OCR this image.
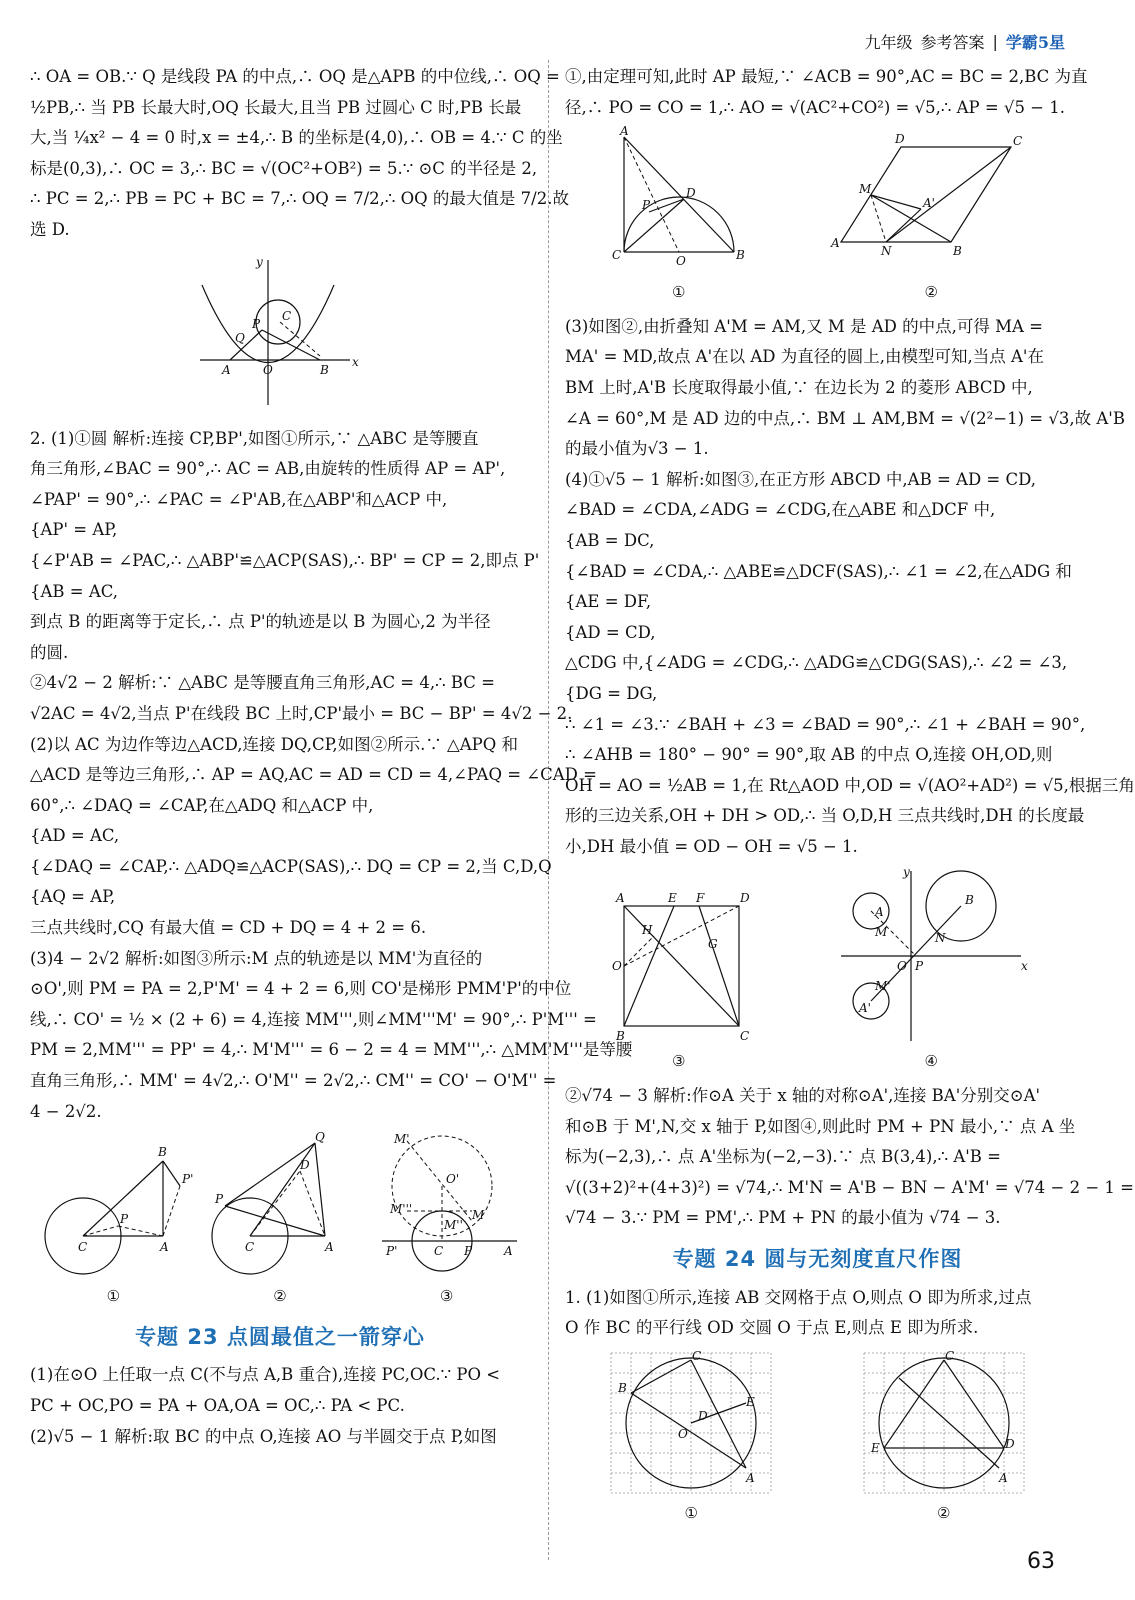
九年级 参考答案 | 学霸5星

∴ OA = OB.∵ Q 是线段 PA 的中点,∴ OQ 是△APB 的中位线,∴ OQ =

½PB,∴ 当 PB 长最大时,OQ 长最大,且当 PB 过圆心 C 时,PB 长最

大,当 ¼x² − 4 = 0 时,x = ±4,∴ B 的坐标是(4,0),∴ OB = 4.∵ C 的坐

标是(0,3),∴ OC = 3,∴ BC = √(OC²+OB²) = 5.∵ ⊙C 的半径是 2,

∴ PC = 2,∴ PB = PC + BC = 7,∴ OQ = 7/2,∴ OQ 的最大值是 7/2.故

选 D.

x
y
A	O	B
C
P
Q

2. (1)①圆 解析:连接 CP,BP',如图①所示,∵ △ABC 是等腰直

角三角形,∠BAC = 90°,∴ AC = AB,由旋转的性质得 AP = AP',

∠PAP' = 90°,∴ ∠PAC = ∠P'AB,在△ABP'和△ACP 中,

{AP' = AP,

{∠P'AB = ∠PAC,∴ △ABP'≌△ACP(SAS),∴ BP' = CP = 2,即点 P'

{AB = AC,

到点 B 的距离等于定长,∴ 点 P'的轨迹是以 B 为圆心,2 为半径

的圆.

②4√2 − 2 解析:∵ △ABC 是等腰直角三角形,AC = 4,∴ BC =

√2AC = 4√2,当点 P'在线段 BC 上时,CP'最小 = BC − BP' = 4√2 − 2.

(2)以 AC 为边作等边△ACD,连接 DQ,CP,如图②所示.∵ △APQ 和

△ACD 是等边三角形,∴ AP = AQ,AC = AD = CD = 4,∠PAQ = ∠CAD =

60°,∴ ∠DAQ = ∠CAP,在△ADQ 和△ACP 中,

{AD = AC,

{∠DAQ = ∠CAP,∴ △ADQ≌△ACP(SAS),∴ DQ = CP = 2,当 C,D,Q

{AQ = AP,

三点共线时,CQ 有最大值 = CD + DQ = 4 + 2 = 6.

(3)4 − 2√2 解析:如图③所示:M 点的轨迹是以 MM'为直径的

⊙O',则 PM = PA = 2,P'M' = 4 + 2 = 6,则 CO'是梯形 PMM'P'的中位

线,∴ CO' = ½ × (2 + 6) = 4,连接 MM''',则∠MM'''M' = 90°,∴ P'M''' =

PM = 2,MM''' = PP' = 4,∴ M'M''' = 6 − 2 = 4 = MM''',∴ △MM'M'''是等腰

直角三角形,∴ MM' = 4√2,∴ O'M'' = 2√2,∴ CM'' = CO' − O'M'' =

4 − 2√2.

C	A
B
P
P'
①
C	A
Q
P
D
②
M'
O'
M
C
P'	P	A
M'''
M''
③

专题 23 点圆最值之一箭穿心

(1)在⊙O 上任取一点 C(不与点 A,B 重合),连接 PC,OC.∵ PO <

PC + OC,PO = PA + OA,OA = OC,∴ PA < PC.

(2)√5 − 1 解析:取 BC 的中点 O,连接 AO 与半圆交于点 P,如图

①,由定理可知,此时 AP 最短,∵ ∠ACB = 90°,AC = BC = 2,BC 为直

径,∴ PO = CO = 1,∴ AO = √(AC²+CO²) = √5,∴ AP = √5 − 1.

A
C	B
O
P
D
①
A
B
C
D
M
N
A'
②

(3)如图②,由折叠知 A'M = AM,又 M 是 AD 的中点,可得 MA =

MA' = MD,故点 A'在以 AD 为直径的圆上,由模型可知,当点 A'在

BM 上时,A'B 长度取得最小值,∵ 在边长为 2 的菱形 ABCD 中,

∠A = 60°,M 是 AD 边的中点,∴ BM ⊥ AM,BM = √(2²−1) = √3,故 A'B

的最小值为√3 − 1.

(4)①√5 − 1 解析:如图③,在正方形 ABCD 中,AB = AD = CD,

∠BAD = ∠CDA,∠ADG = ∠CDG,在△ABE 和△DCF 中,

{AB = DC,

{∠BAD = ∠CDA,∴ △ABE≌△DCF(SAS),∴ ∠1 = ∠2,在△ADG 和

{AE = DF,

{AD = CD,

△CDG 中,{∠ADG = ∠CDG,∴ △ADG≌△CDG(SAS),∴ ∠2 = ∠3,

{DG = DG,

∴ ∠1 = ∠3.∵ ∠BAH + ∠3 = ∠BAD = 90°,∴ ∠1 + ∠BAH = 90°,

∴ ∠AHB = 180° − 90° = 90°,取 AB 的中点 O,连接 OH,OD,则

OH = AO = ½AB = 1,在 Rt△AOD 中,OD = √(AO²+AD²) = √5,根据三角

形的三边关系,OH + DH > OD,∴ 当 O,D,H 三点共线时,DH 的长度最

小,DH 最小值 = OD − OH = √5 − 1.

A	E F	D
B	C
O
H
G
③
x
y
A
A'
B
M
M'
N
P
O
④

②√74 − 3 解析:作⊙A 关于 x 轴的对称⊙A',连接 BA'分别交⊙A'

和⊙B 于 M',N,交 x 轴于 P,如图④,则此时 PM + PN 最小,∵ 点 A 坐

标为(−2,3),∴ 点 A'坐标为(−2,−3).∵ 点 B(3,4),∴ A'B =

√((3+2)²+(4+3)²) = √74,∴ M'N = A'B − BN − A'M' = √74 − 2 − 1 =

√74 − 3.∵ PM = PM',∴ PM + PN 的最小值为 √74 − 3.

专题 24 圆与无刻度直尺作图

1. (1)如图①所示,连接 AB 交网格于点 O,则点 O 即为所求,过点

O 作 BC 的平行线 OD 交圆 O 于点 E,则点 E 即为所求.

B
C
E
D
O
A
①
C
D
E
A
②
63
